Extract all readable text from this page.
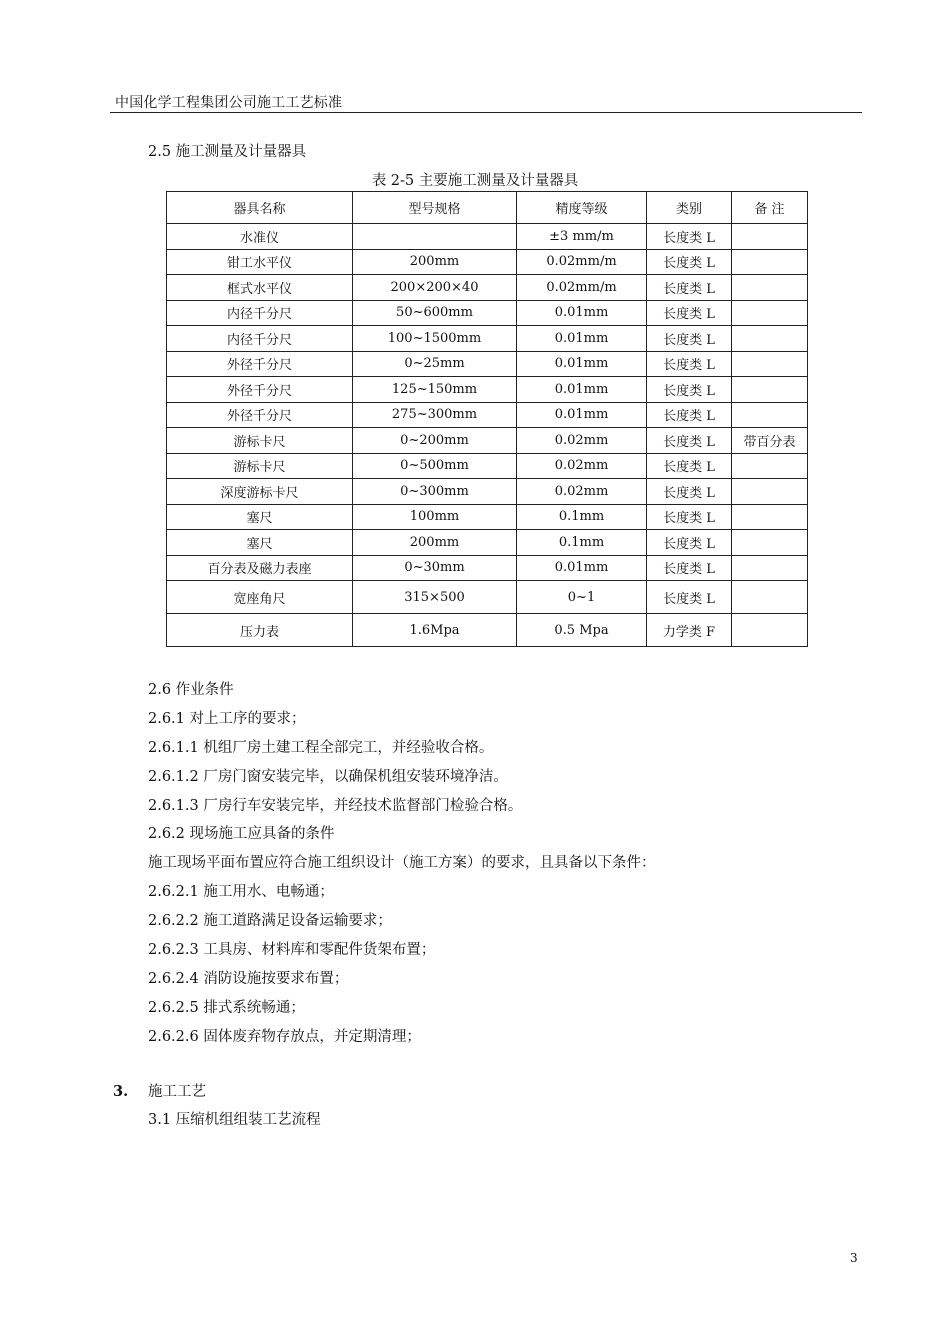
中国化学工程集团公司施工工艺标准
2.5 施工测量及计量器具
表 2-5 主要施工测量及计量器具
器具名称	型号规格	精度等级	类别	备 注
水准仪		±3 mm/m	长度类 L	
钳工水平仪	200mm	0.02mm/m	长度类 L	
框式水平仪	200×200×40	0.02mm/m	长度类 L	
内径千分尺	50~600mm	0.01mm	长度类 L	
内径千分尺	100~1500mm	0.01mm	长度类 L	
外径千分尺	0~25mm	0.01mm	长度类 L	
外径千分尺	125~150mm	0.01mm	长度类 L	
外径千分尺	275~300mm	0.01mm	长度类 L	
游标卡尺	0~200mm	0.02mm	长度类 L	带百分表
游标卡尺	0~500mm	0.02mm	长度类 L	
深度游标卡尺	0~300mm	0.02mm	长度类 L	
塞尺	100mm	0.1mm	长度类 L	
塞尺	200mm	0.1mm	长度类 L	
百分表及磁力表座	0~30mm	0.01mm	长度类 L	
宽座角尺	315×500	0~1	长度类 L	
压力表	1.6Mpa	0.5 Mpa	力学类 F	
2.6 作业条件
2.6.1 对上工序的要求；
2.6.1.1 机组厂房土建工程全部完工，并经验收合格。
2.6.1.2 厂房门窗安装完毕，以确保机组安装环境净洁。
2.6.1.3 厂房行车安装完毕，并经技术监督部门检验合格。
2.6.2 现场施工应具备的条件
施工现场平面布置应符合施工组织设计（施工方案）的要求，且具备以下条件：
2.6.2.1 施工用水、电畅通；
2.6.2.2 施工道路满足设备运输要求；
2.6.2.3 工具房、材料库和零配件货架布置；
2.6.2.4 消防设施按要求布置；
2.6.2.5 排式系统畅通；
2.6.2.6 固体废弃物存放点，并定期清理；
3. 施工工艺
3.1 压缩机组组装工艺流程
3
